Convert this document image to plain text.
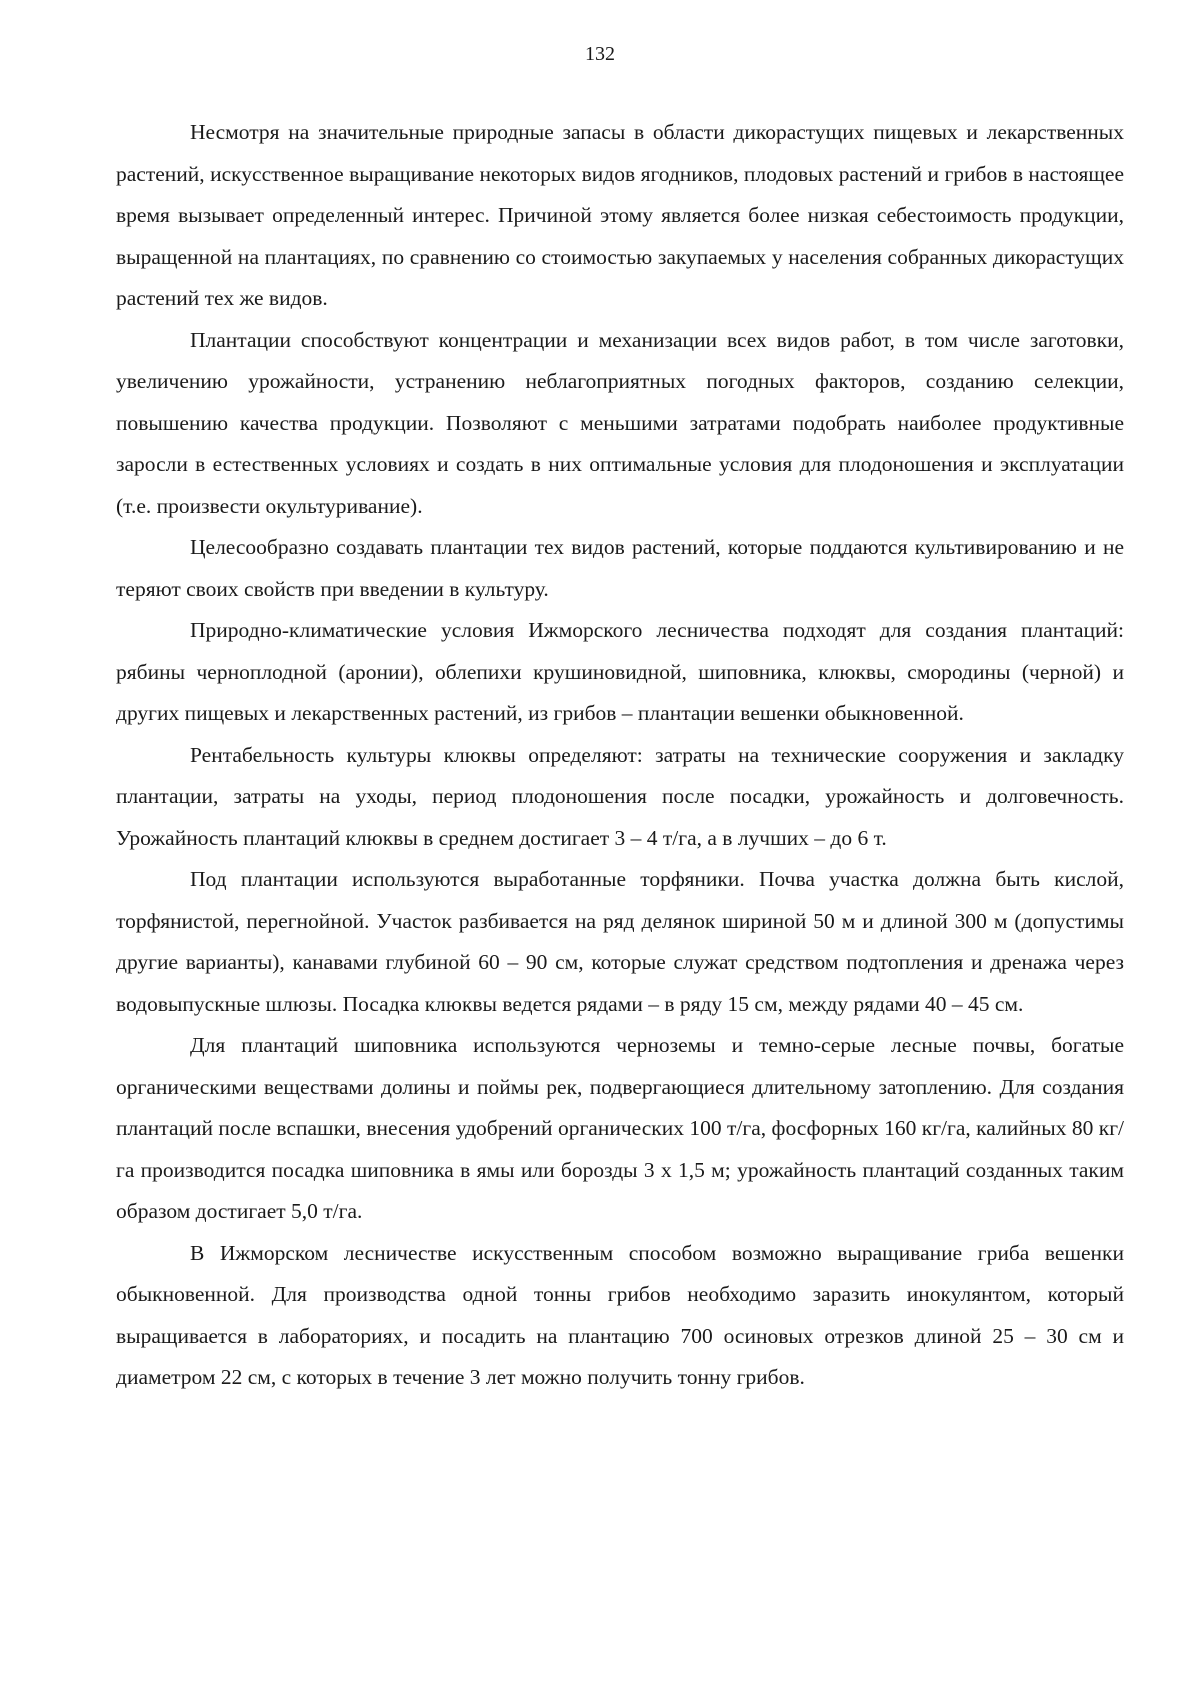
132

Несмотря на значительные природные запасы в области дикорастущих пищевых и лекарственных растений, искусственное выращивание некоторых видов ягодников, плодовых растений и грибов в настоящее время вызывает определенный интерес. Причиной этому является более низкая себестоимость продукции, выращенной на плантациях, по сравнению со стоимостью закупаемых у населения собранных дикорастущих растений тех же видов.

Плантации способствуют концентрации и механизации всех видов работ, в том числе заготовки, увеличению урожайности, устранению неблагоприятных погодных факторов, созданию селекции, повышению качества продукции. Позволяют с меньшими затратами подобрать наиболее продуктивные заросли в естественных условиях и создать в них оптимальные условия для плодоношения и эксплуатации (т.е. произвести окультуривание).

Целесообразно создавать плантации тех видов растений, которые поддаются культивированию и не теряют своих свойств при введении в культуру.

Природно-климатические условия Ижморского лесничества подходят для создания плантаций: рябины черноплодной (аронии), облепихи крушиновидной, шиповника, клюквы, смородины (черной) и других пищевых и лекарственных растений, из грибов – плантации вешенки обыкновенной.

Рентабельность культуры клюквы определяют: затраты на технические сооружения и закладку плантации, затраты на уходы, период плодоношения после посадки, урожайность и долговечность. Урожайность плантаций клюквы в среднем достигает 3 – 4 т/га, а в лучших – до 6 т.

Под плантации используются выработанные торфяники. Почва участка должна быть кислой, торфянистой, перегнойной. Участок разбивается на ряд делянок шириной 50 м и длиной 300 м (допустимы другие варианты), канавами глубиной 60 – 90 см, которые служат средством подтопления и дренажа через водовыпускные шлюзы. Посадка клюквы ведется рядами – в ряду 15 см, между рядами 40 – 45 см.

Для плантаций шиповника используются черноземы и темно-серые лесные почвы, богатые органическими веществами долины и поймы рек, подвергающиеся длительному затоплению. Для создания плантаций после вспашки, внесения удобрений органических 100 т/га, фосфорных 160 кг/га, калийных 80 кг/га производится посадка шиповника в ямы или борозды 3 х 1,5 м; урожайность плантаций созданных таким образом достигает 5,0 т/га.

В Ижморском лесничестве искусственным способом возможно выращивание гриба вешенки обыкновенной. Для производства одной тонны грибов необходимо заразить инокулянтом, который выращивается в лабораториях, и посадить на плантацию 700 осиновых отрезков длиной 25 – 30 см и диаметром 22 см, с которых в течение 3 лет можно получить тонну грибов.
